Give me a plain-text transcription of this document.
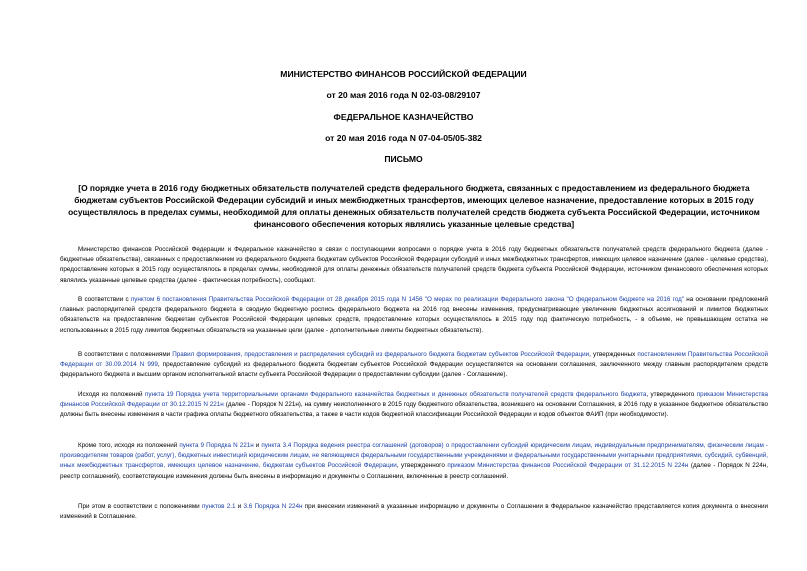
МИНИСТЕРСТВО ФИНАНСОВ РОССИЙСКОЙ ФЕДЕРАЦИИ
от 20 мая 2016 года N 02-03-08/29107
ФЕДЕРАЛЬНОЕ КАЗНАЧЕЙСТВО
от 20 мая 2016 года N 07-04-05/05-382
ПИСЬМО
[О порядке учета в 2016 году бюджетных обязательств получателей средств федерального бюджета, связанных с предоставлением из федерального бюджета бюджетам субъектов Российской Федерации субсидий и иных межбюджетных трансфертов, имеющих целевое назначение, предоставление которых в 2015 году осуществлялось в пределах суммы, необходимой для оплаты денежных обязательств получателей средств бюджета субъекта Российской Федерации, источником финансового обеспечения которых являлись указанные целевые средства]
Министерство финансов Российской Федерации и Федеральное казначейство в связи с поступающими вопросами о порядке учета в 2016 году бюджетных обязательств получателей средств федерального бюджета (далее - бюджетные обязательства), связанных с предоставлением из федерального бюджета бюджетам субъектов Российской Федерации субсидий и иных межбюджетных трансфертов, имеющих целевое назначение (далее - целевые средства), предоставление которых в 2015 году осуществлялось в пределах суммы, необходимой для оплаты денежных обязательств получателей средств бюджета субъекта Российской Федерации, источником финансового обеспечения которых являлись указанные целевые средства (далее - фактическая потребность), сообщают.
В соответствии с пунктом 6 постановления Правительства Российской Федерации от 28 декабря 2015 года N 1456 "О мерах по реализации Федерального закона "О федеральном бюджете на 2016 год" на основании предложений главных распорядителей средств федерального бюджета в сводную бюджетную роспись федерального бюджета на 2016 год внесены изменения, предусматривающие увеличение бюджетных ассигнований и лимитов бюджетных обязательств на предоставление бюджетам субъектов Российской Федерации целевых средств, предоставление которых осуществлялось в 2015 году под фактическую потребность, - в объеме, не превышающем остатка не использованных в 2015 году лимитов бюджетных обязательств на указанные цели (далее - дополнительные лимиты бюджетных обязательств).
В соответствии с положениями Правил формирования, предоставления и распределения субсидий из федерального бюджета бюджетам субъектов Российской Федерации, утвержденных постановлением Правительства Российской Федерации от 30.09.2014 N 999, предоставление субсидий из федерального бюджета бюджетам субъектов Российской Федерации осуществляется на основании соглашения, заключенного между главным распорядителем средств федерального бюджета и высшим органом исполнительной власти субъекта Российской Федерации о предоставлении субсидии (далее - Соглашение).
Исходя из положений пункта 19 Порядка учета территориальными органами Федерального казначейства бюджетных и денежных обязательств получателей средств федерального бюджета, утвержденного приказом Министерства финансов Российской Федерации от 30.12.2015 N 221н (далее - Порядок N 221н), на сумму неисполненного в 2015 году бюджетного обязательства, возникшего на основании Соглашения, в 2016 году в указанное бюджетное обязательство должны быть внесены изменения в части графика оплаты бюджетного обязательства, а также в части кодов бюджетной классификации Российской Федерации и кодов объектов ФАИП (при необходимости).
Кроме того, исходя из положений пункта 9 Порядка N 221н и пункта 3.4 Порядка ведения реестра соглашений (договоров) о предоставлении субсидий юридическим лицам, индивидуальным предпринимателям, физическим лицам - производителям товаров (работ, услуг), бюджетных инвестиций юридическим лицам, не являющимся федеральными государственными учреждениями и федеральными государственными унитарными предприятиями, субсидий, субвенций, иных межбюджетных трансфертов, имеющих целевое назначение, бюджетам субъектов Российской Федерации, утвержденного приказом Министерства финансов Российской Федерации от 31.12.2015 N 224н (далее - Порядок N 224н, реестр соглашений), соответствующие изменения должны быть внесены в информацию и документы о Соглашении, включенные в реестр соглашений.
При этом в соответствии с положениями пунктов 2.1 и 3.6 Порядка N 224н при внесении изменений в указанные информацию и документы о Соглашении в Федеральное казначейство представляется копия документа о внесении изменений в Соглашение.
